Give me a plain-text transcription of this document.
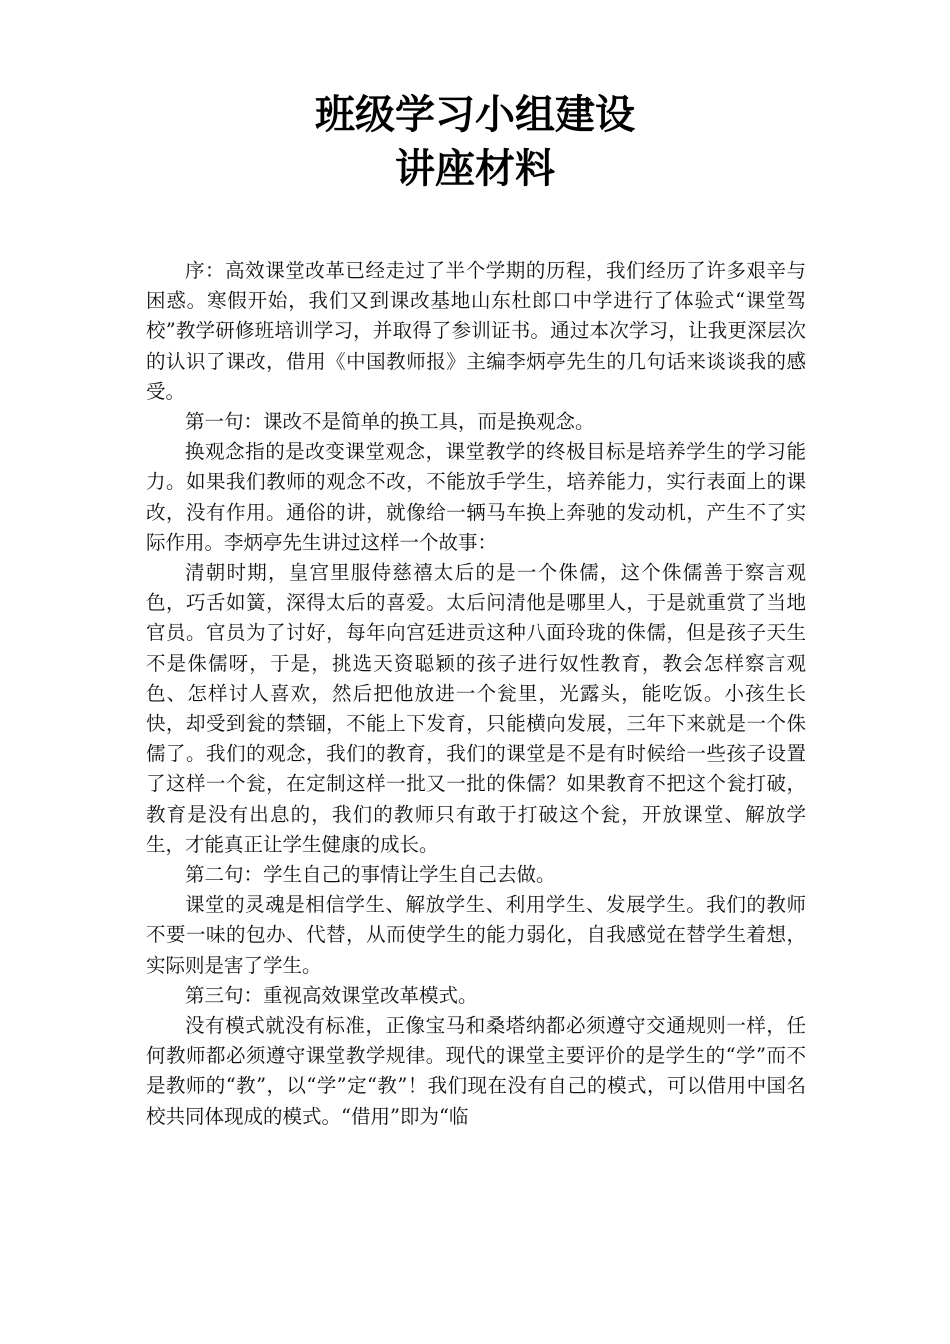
班级学习小组建设
讲座材料

序：高效课堂改革已经走过了半个学期的历程，我们经历了许多艰辛与困惑。寒假开始，我们又到课改基地山东杜郎口中学进行了体验式“课堂驾校”教学研修班培训学习，并取得了参训证书。通过本次学习，让我更深层次的认识了课改，借用《中国教师报》主编李炳亭先生的几句话来谈谈我的感受。

第一句：课改不是简单的换工具，而是换观念。

换观念指的是改变课堂观念，课堂教学的终极目标是培养学生的学习能力。如果我们教师的观念不改，不能放手学生，培养能力，实行表面上的课改，没有作用。通俗的讲，就像给一辆马车换上奔驰的发动机，产生不了实际作用。李炳亭先生讲过这样一个故事：

清朝时期，皇宫里服侍慈禧太后的是一个侏儒，这个侏儒善于察言观色，巧舌如簧，深得太后的喜爱。太后问清他是哪里人，于是就重赏了当地官员。官员为了讨好，每年向宫廷进贡这种八面玲珑的侏儒，但是孩子天生不是侏儒呀，于是，挑选天资聪颖的孩子进行奴性教育，教会怎样察言观色、怎样讨人喜欢，然后把他放进一个瓮里，光露头，能吃饭。小孩生长快，却受到瓮的禁锢，不能上下发育，只能横向发展，三年下来就是一个侏儒了。我们的观念，我们的教育，我们的课堂是不是有时候给一些孩子设置了这样一个瓮，在定制这样一批又一批的侏儒？如果教育不把这个瓮打破，教育是没有出息的，我们的教师只有敢于打破这个瓮，开放课堂、解放学生，才能真正让学生健康的成长。

第二句：学生自己的事情让学生自己去做。

课堂的灵魂是相信学生、解放学生、利用学生、发展学生。我们的教师不要一味的包办、代替，从而使学生的能力弱化，自我感觉在替学生着想，实际则是害了学生。

第三句：重视高效课堂改革模式。

没有模式就没有标准，正像宝马和桑塔纳都必须遵守交通规则一样，任何教师都必须遵守课堂教学规律。现代的课堂主要评价的是学生的“学”而不是教师的“教”，以“学”定“教”！我们现在没有自己的模式，可以借用中国名校共同体现成的模式。“借用”即为“临
